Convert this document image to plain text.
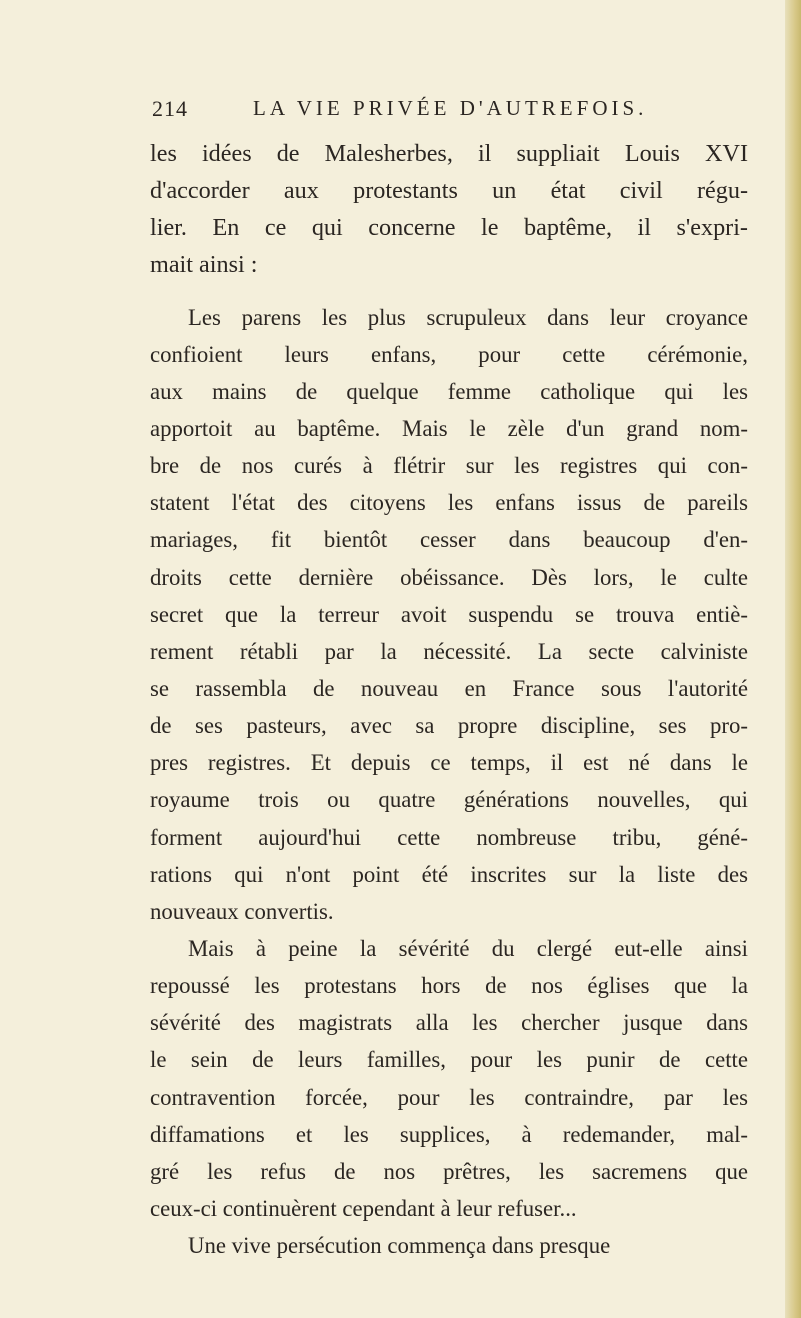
214	LA VIE PRIVÉE D'AUTREFOIS.
les idées de Malesherbes, il suppliait Louis XVI
d'accorder aux protestants un état civil régu-
lier. En ce qui concerne le baptême, il s'expri-
mait ainsi :
Les parens les plus scrupuleux dans leur croyance
confioient leurs enfans, pour cette cérémonie,
aux mains de quelque femme catholique qui les
apportoit au baptême. Mais le zèle d'un grand nom-
bre de nos curés à flétrir sur les registres qui con-
statent l'état des citoyens les enfans issus de pareils
mariages, fit bientôt cesser dans beaucoup d'en-
droits cette dernière obéissance. Dès lors, le culte
secret que la terreur avoit suspendu se trouva entiè-
rement rétabli par la nécessité. La secte calviniste
se rassembla de nouveau en France sous l'autorité
de ses pasteurs, avec sa propre discipline, ses pro-
pres registres. Et depuis ce temps, il est né dans le
royaume trois ou quatre générations nouvelles, qui
forment aujourd'hui cette nombreuse tribu, géné-
rations qui n'ont point été inscrites sur la liste des
nouveaux convertis.
Mais à peine la sévérité du clergé eut-elle ainsi
repoussé les protestans hors de nos églises que la
sévérité des magistrats alla les chercher jusque dans
le sein de leurs familles, pour les punir de cette
contravention forcée, pour les contraindre, par les
diffamations et les supplices, à redemander, mal-
gré les refus de nos prêtres, les sacremens que
ceux-ci continuèrent cependant à leur refuser...
Une vive persécution commença dans presque
